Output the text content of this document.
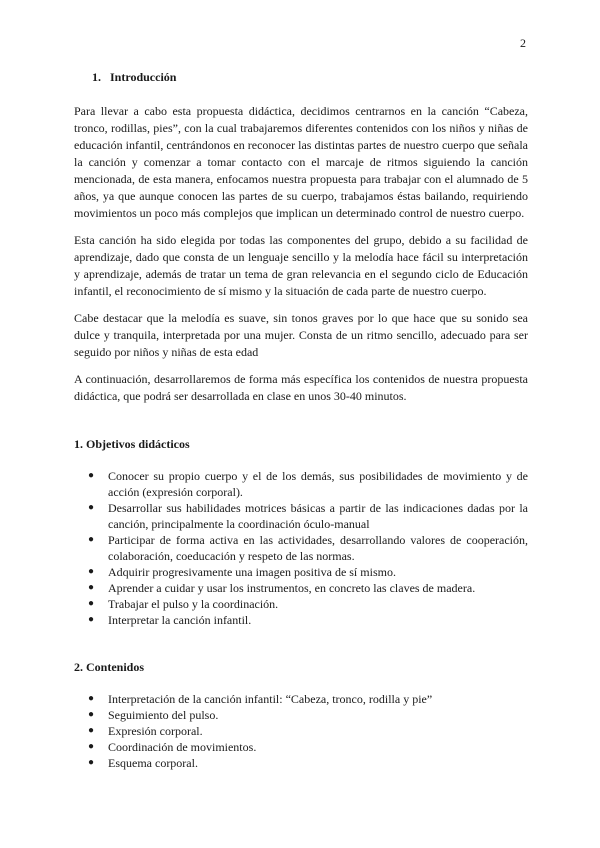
2
1. Introducción

Para llevar a cabo esta propuesta didáctica, decidimos centrarnos en la canción “Cabeza, tronco, rodillas, pies”, con la cual trabajaremos diferentes contenidos con los niños y niñas de educación infantil, centrándonos en reconocer las distintas partes de nuestro cuerpo que señala la canción y comenzar a tomar contacto con el marcaje de ritmos siguiendo la canción mencionada, de esta manera, enfocamos nuestra propuesta para trabajar con el alumnado de 5 años, ya que aunque conocen las partes de su cuerpo, trabajamos éstas bailando, requiriendo movimientos un poco más complejos que implican un determinado control de nuestro cuerpo.

Esta canción ha sido elegida por todas las componentes del grupo, debido a su facilidad de aprendizaje, dado que consta de un lenguaje sencillo y la melodía hace fácil su interpretación y aprendizaje, además de tratar un tema de gran relevancia en el segundo ciclo de Educación infantil, el reconocimiento de sí mismo y la situación de cada parte de nuestro cuerpo.

Cabe destacar que la melodía es suave, sin tonos graves por lo que hace que su sonido sea dulce y tranquila, interpretada por una mujer. Consta de un ritmo sencillo, adecuado para ser seguido por niños y niñas de esta edad

A continuación, desarrollaremos de forma más específica los contenidos de nuestra propuesta didáctica, que podrá ser desarrollada en clase en unos 30-40 minutos.

1. Objetivos didácticos
● Conocer su propio cuerpo y el de los demás, sus posibilidades de movimiento y de acción (expresión corporal).
● Desarrollar sus habilidades motrices básicas a partir de las indicaciones dadas por la canción, principalmente la coordinación óculo-manual
● Participar de forma activa en las actividades, desarrollando valores de cooperación, colaboración, coeducación y respeto de las normas.
● Adquirir progresivamente una imagen positiva de sí mismo.
● Aprender a cuidar y usar los instrumentos, en concreto las claves de madera.
● Trabajar el pulso y la coordinación.
● Interpretar la canción infantil.
2. Contenidos
● Interpretación de la canción infantil: “Cabeza, tronco, rodilla y pie”
● Seguimiento del pulso.
● Expresión corporal.
● Coordinación de movimientos.
● Esquema corporal.
